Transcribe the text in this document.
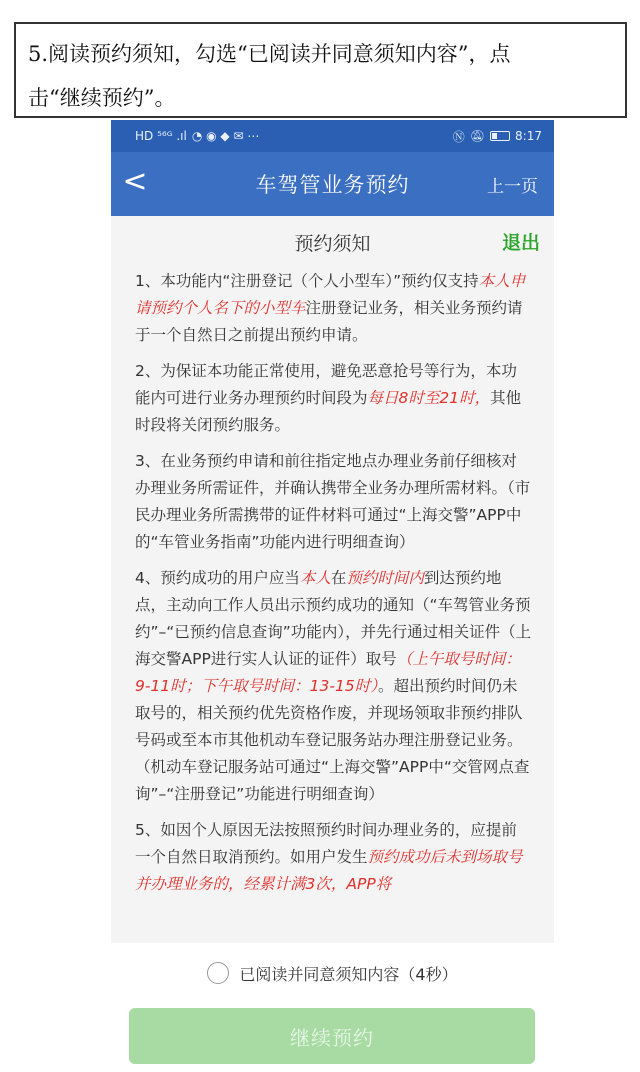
5.阅读预约须知，勾选“已阅读并同意须知内容”，点
击“继续预约”。
HD ⁵⁶ᴳ .ıl ◔ ◉ ◆ ✉ ⋯	Ⓝ 🔕︎	8:17
<	车驾管业务预约	上一页
预约须知	退出

1、本功能内“注册登记（个人小型车）”预约仅支持本人申请预约个人名下的小型车注册登记业务，相关业务预约请于一个自然日之前提出预约申请。

2、为保证本功能正常使用，避免恶意抢号等行为，本功能内可进行业务办理预约时间段为每日8时至21时，其他时段将关闭预约服务。

3、在业务预约申请和前往指定地点办理业务前仔细核对办理业务所需证件，并确认携带全业务办理所需材料。（市民办理业务所需携带的证件材料可通过“上海交警”APP中的“车管业务指南”功能内进行明细查询）

4、预约成功的用户应当本人在预约时间内到达预约地点，主动向工作人员出示预约成功的通知（“车驾管业务预约”–“已预约信息查询”功能内），并先行通过相关证件（上海交警APP进行实人认证的证件）取号（上午取号时间：9-11时；下午取号时间：13-15时）。超出预约时间仍未取号的，相关预约优先资格作废，并现场领取非预约排队号码或至本市其他机动车登记服务站办理注册登记业务。（机动车登记服务站可通过“上海交警”APP中“交管网点查询”–“注册登记”功能进行明细查询）

5、如因个人原因无法按照预约时间办理业务的，应提前一个自然日取消预约。如用户发生预约成功后未到场取号并办理业务的，经累计满3次，APP将

已阅读并同意须知内容（4秒）
继续预约
